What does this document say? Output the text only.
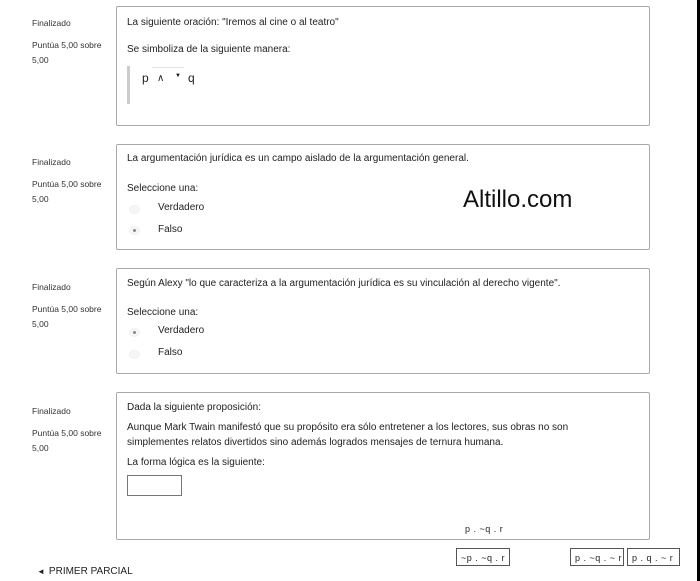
Finalizado
Puntúa 5,00 sobre 5,00
La siguiente oración: "Iremos al cine o al teatro"
Se simboliza de la siguiente manera:
p ∧ ▼ q
Finalizado
Puntúa 5,00 sobre 5,00
La argumentación jurídica es un campo aislado de la argumentación general.
Seleccione una:
Verdadero
Falso
Altillo.com
Finalizado
Puntúa 5,00 sobre 5,00
Según Alexy "lo que caracteriza a la argumentación jurídica es su vinculación al derecho vigente".
Seleccione una:
Verdadero
Falso
Finalizado
Puntúa 5,00 sobre 5,00
Dada la siguiente proposición:
Aunque Mark Twain manifestó que su propósito era sólo entretener a los lectores, sus obras no son simplementes relatos divertidos sino además logrados mensajes de ternura humana.
La forma lógica es la siguiente:
p . ~q . r
~p . ~q . r	p . ~q . ~ r	p . q . ~ r
◄ PRIMER PARCIAL
